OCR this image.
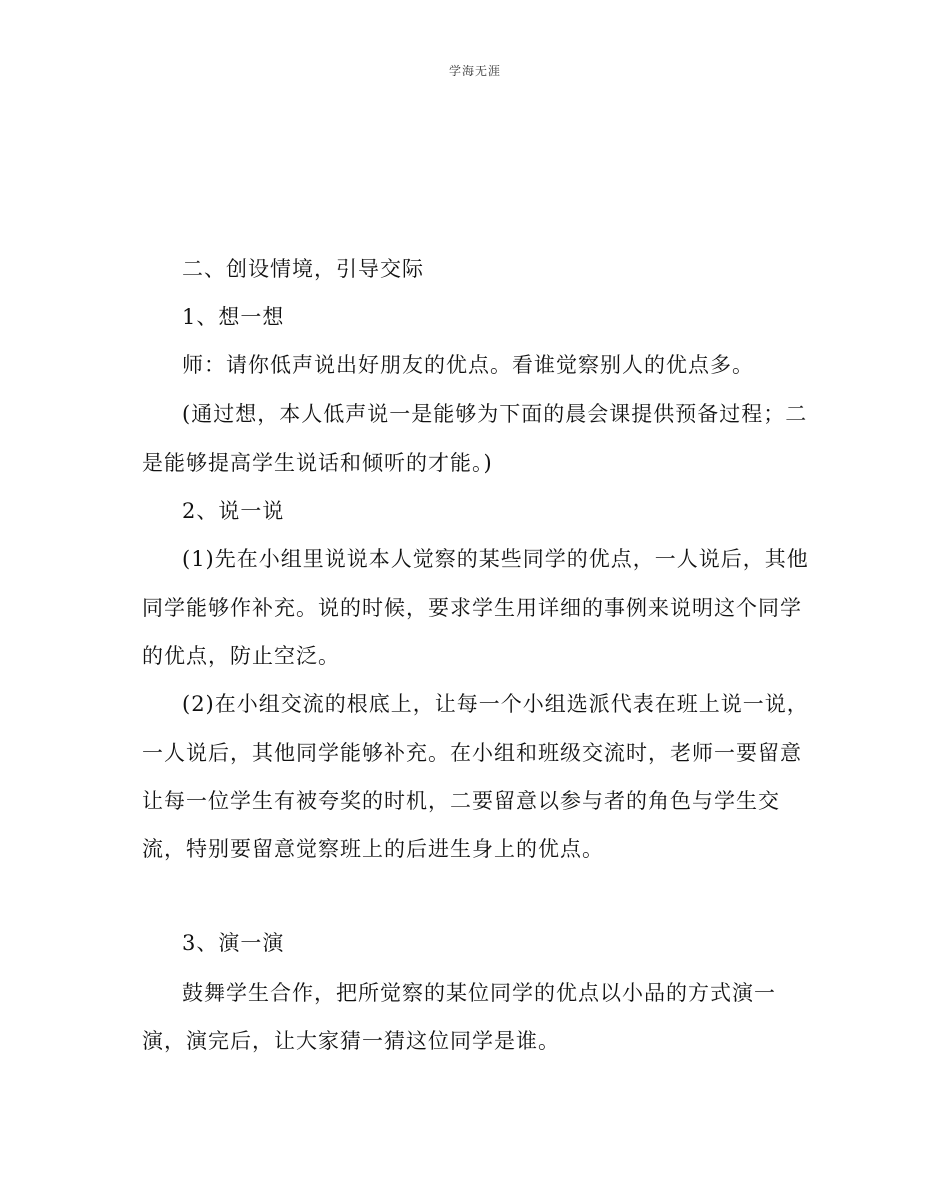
学海无涯
二、创设情境，引导交际
1、想一想
师：请你低声说出好朋友的优点。看谁觉察别人的优点多。
(通过想，本人低声说一是能够为下面的晨会课提供预备过程；二
是能够提高学生说话和倾听的才能。)
2、说一说
(1)先在小组里说说本人觉察的某些同学的优点，一人说后，其他
同学能够作补充。说的时候，要求学生用详细的事例来说明这个同学
的优点，防止空泛。
(2)在小组交流的根底上，让每一个小组选派代表在班上说一说，
一人说后，其他同学能够补充。在小组和班级交流时，老师一要留意
让每一位学生有被夸奖的时机，二要留意以参与者的角色与学生交
流，特别要留意觉察班上的后进生身上的优点。
3、演一演
鼓舞学生合作，把所觉察的某位同学的优点以小品的方式演一
演，演完后，让大家猜一猜这位同学是谁。
